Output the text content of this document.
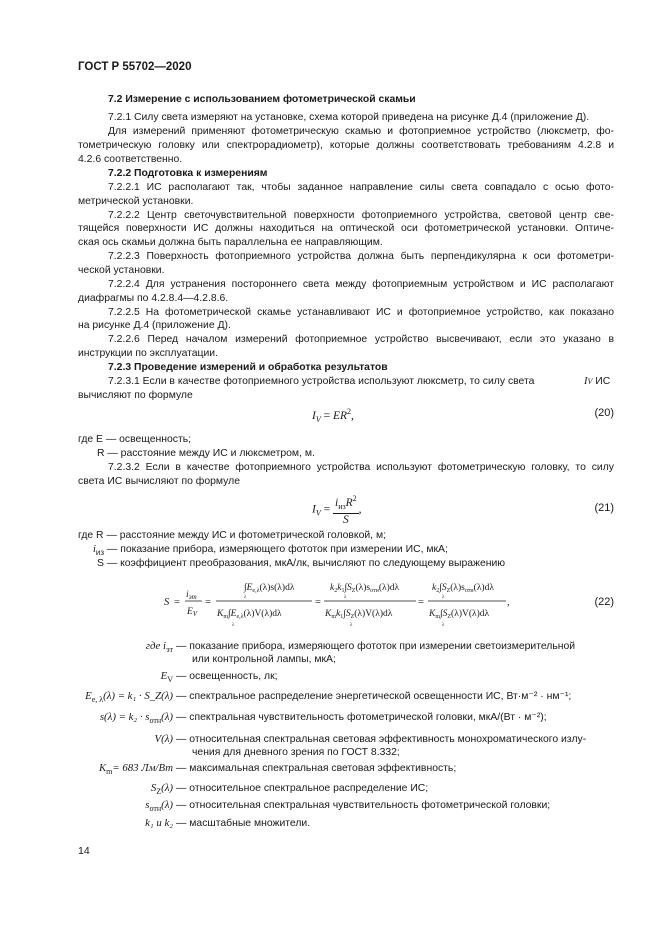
ГОСТ Р 55702—2020
7.2 Измерение с использованием фотометрической скамьи
7.2.1 Силу света измеряют на установке, схема которой приведена на рисунке Д.4 (приложение Д).
Для измерений применяют фотометрическую скамью и фотоприемное устройство (люксметр, фо-
тометрическую головку или спектрорадиометр), которые должны соответствовать требованиям 4.2.8 и
4.2.6 соответственно.
7.2.2 Подготовка к измерениям
7.2.2.1 ИС располагают так, чтобы заданное направление силы света совпадало с осью фото-
метрической установки.
7.2.2.2 Центр светочувствительной поверхности фотоприемного устройства, световой центр све-
тящейся поверхности ИС должны находиться на оптической оси фотометрической установки. Оптиче-
ская ось скамьи должна быть параллельна ее направляющим.
7.2.2.3 Поверхность фотоприемного устройства должна быть перпендикулярна к оси фотометри-
ческой установки.
7.2.2.4 Для устранения постороннего света между фотоприемным устройством и ИС располагают
диафрагмы по 4.2.8.4—4.2.8.6.
7.2.2.5 На фотометрической скамье устанавливают ИС и фотоприемное устройство, как показано
на рисунке Д.4 (приложение Д).
7.2.2.6 Перед началом измерений фотоприемное устройство высвечивают, если это указано в
инструкции по эксплуатации.
7.2.3 Проведение измерений и обработка результатов
7.2.3.1 Если в качестве фотоприемного устройства используют люксметр, то силу света	IV ИС
вычисляют по формуле
$I_V = ER^2$,	(20)
где E — освещенность;
R — расстояние между ИС и люксметром, м.
7.2.3.2 Если в качестве фотоприемного устройства используют фотометрическую головку, то силу
света ИС вычисляют по формуле
$I_V = \frac{i_{из}R^2}{S}$ ,	(21)
где R — расстояние между ИС и фотометрической головкой, м;
$i_{из}$ — показание прибора, измеряющего фототок при измерении ИС, мкА;
S — коэффициент преобразования, мкА/лк, вычисляют по следующему выражению
S =
$i_{эт}$
$E_V$
=
$\int E_{e,\lambda}(\lambda)s(\lambda)d\lambda$
λ
$K_m\int E_{e,\lambda}(\lambda)V(\lambda)d\lambda$
λ
=
$k_2k_1\int S_Z(\lambda)s_{отн}(\lambda)d\lambda$
λ
$K_mk_1\int S_Z(\lambda)V(\lambda)d\lambda$
λ
=
$k_2\int S_Z(\lambda)s_{отн}(\lambda)d\lambda$
λ
$K_m\int S_Z(\lambda)V(\lambda)d\lambda$
λ
,	(22)
где $i_{эт}$ — показание прибора, измеряющего фототок при измерении светоизмерительной
или контрольной лампы, мкА;
$E_V$ — освещенность, лк;
$E_{e, \lambda}(\lambda) = k_1$ · S_Z(λ) — спектральное распределение энергетической освещенности ИС, Вт·м⁻² · нм⁻¹;
$s(\lambda) = k_2 \cdot s_{отн}(\lambda)$ — спектральная чувствительность фотометрической головки, мкА/(Вт · м⁻²);
V(λ) — относительная спектральная световая эффективность монохроматического излу-
чения для дневного зрения по ГОСТ 8.332;
$K_m= 683$ Лм/Вт — максимальная спектральная световая эффективность;
$S_Z(\lambda)$ — относительное спектральное распределение ИС;
$s_{отн}(\lambda)$ — относительная спектральная чувствительность фотометрической головки;
k₁ и k₂ — масштабные множители.
14
